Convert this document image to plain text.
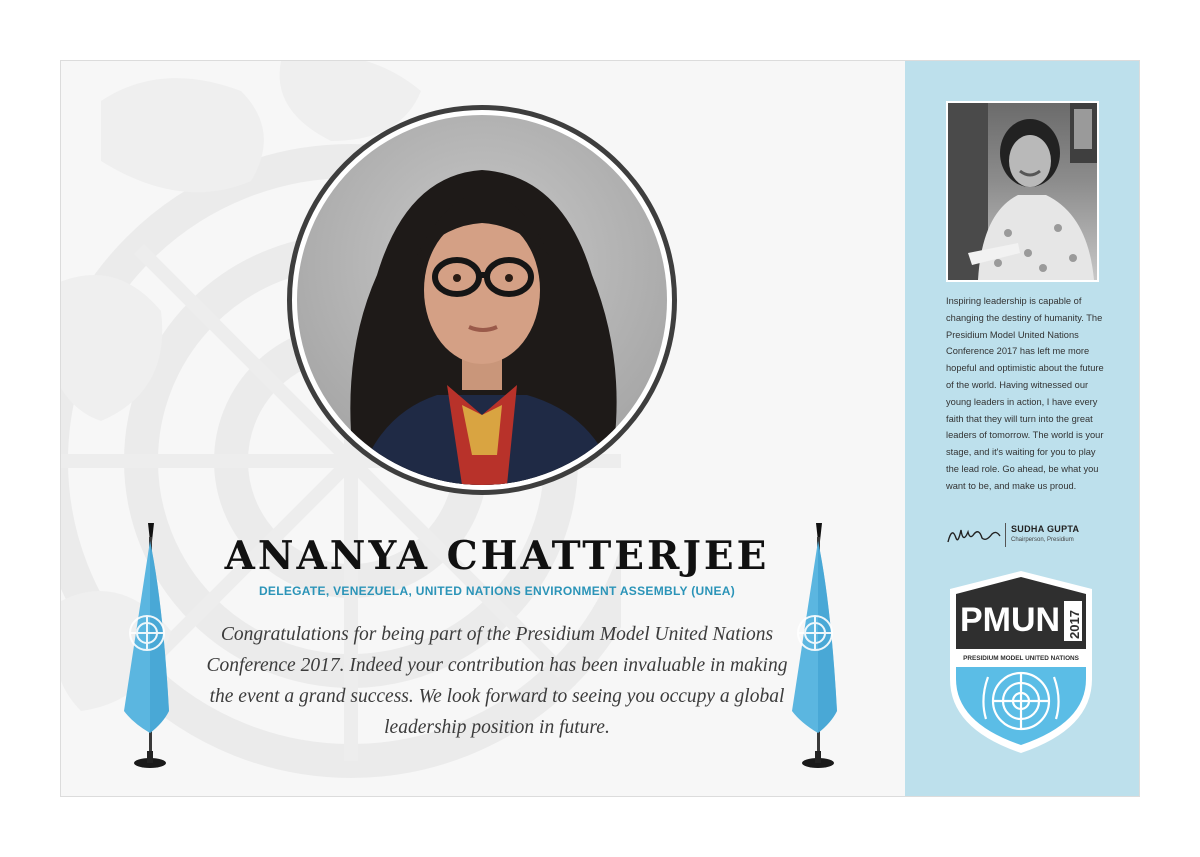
ANANYA CHATTERJEE
DELEGATE, VENEZUELA, UNITED NATIONS ENVIRONMENT ASSEMBLY (UNEA)
Congratulations for being part of the Presidium Model United Nations Conference 2017. Indeed your contribution has been invaluable in making the event a grand success. We look forward to seeing you occupy a global leadership position in future.
Inspiring leadership is capable of changing the destiny of humanity. The Presidium Model United Nations Conference 2017 has left me more hopeful and optimistic about the future of the world. Having witnessed our young leaders in action, I have every faith that they will turn into the great leaders of tomorrow. The world is your stage, and it's waiting for you to play the lead role. Go ahead, be what you want to be, and make us proud.
SUDHA GUPTA
Chairperson, Presidium
PMUN 2017
PRESIDIUM MODEL UNITED NATIONS
